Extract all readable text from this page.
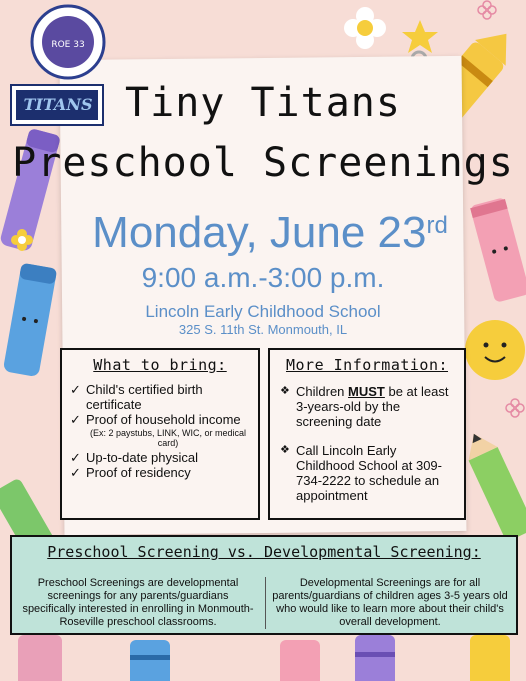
ROE 33
TITANS Tiny Titans
Preschool Screenings
Monday, June 23rd
9:00 a.m.-3:00 p.m.
Lincoln Early Childhood School
325 S. 11th St. Monmouth, IL
What to bring:
✓ Child's certified birth certificate
✓ Proof of household income
(Ex: 2 paystubs, LINK, WIC, or medical card)
✓ Up-to-date physical
✓ Proof of residency
More Information:
❖ Children MUST be at least 3-years-old by the screening date
❖ Call Lincoln Early Childhood School at 309-734-2222 to schedule an appointment
Preschool Screening vs. Developmental Screening:
Preschool Screenings are developmental screenings for any parents/guardians specifically interested in enrolling in Monmouth-Roseville preschool classrooms.
Developmental Screenings are for all parents/guardians of children ages 3-5 years old who would like to learn more about their child's overall development.
